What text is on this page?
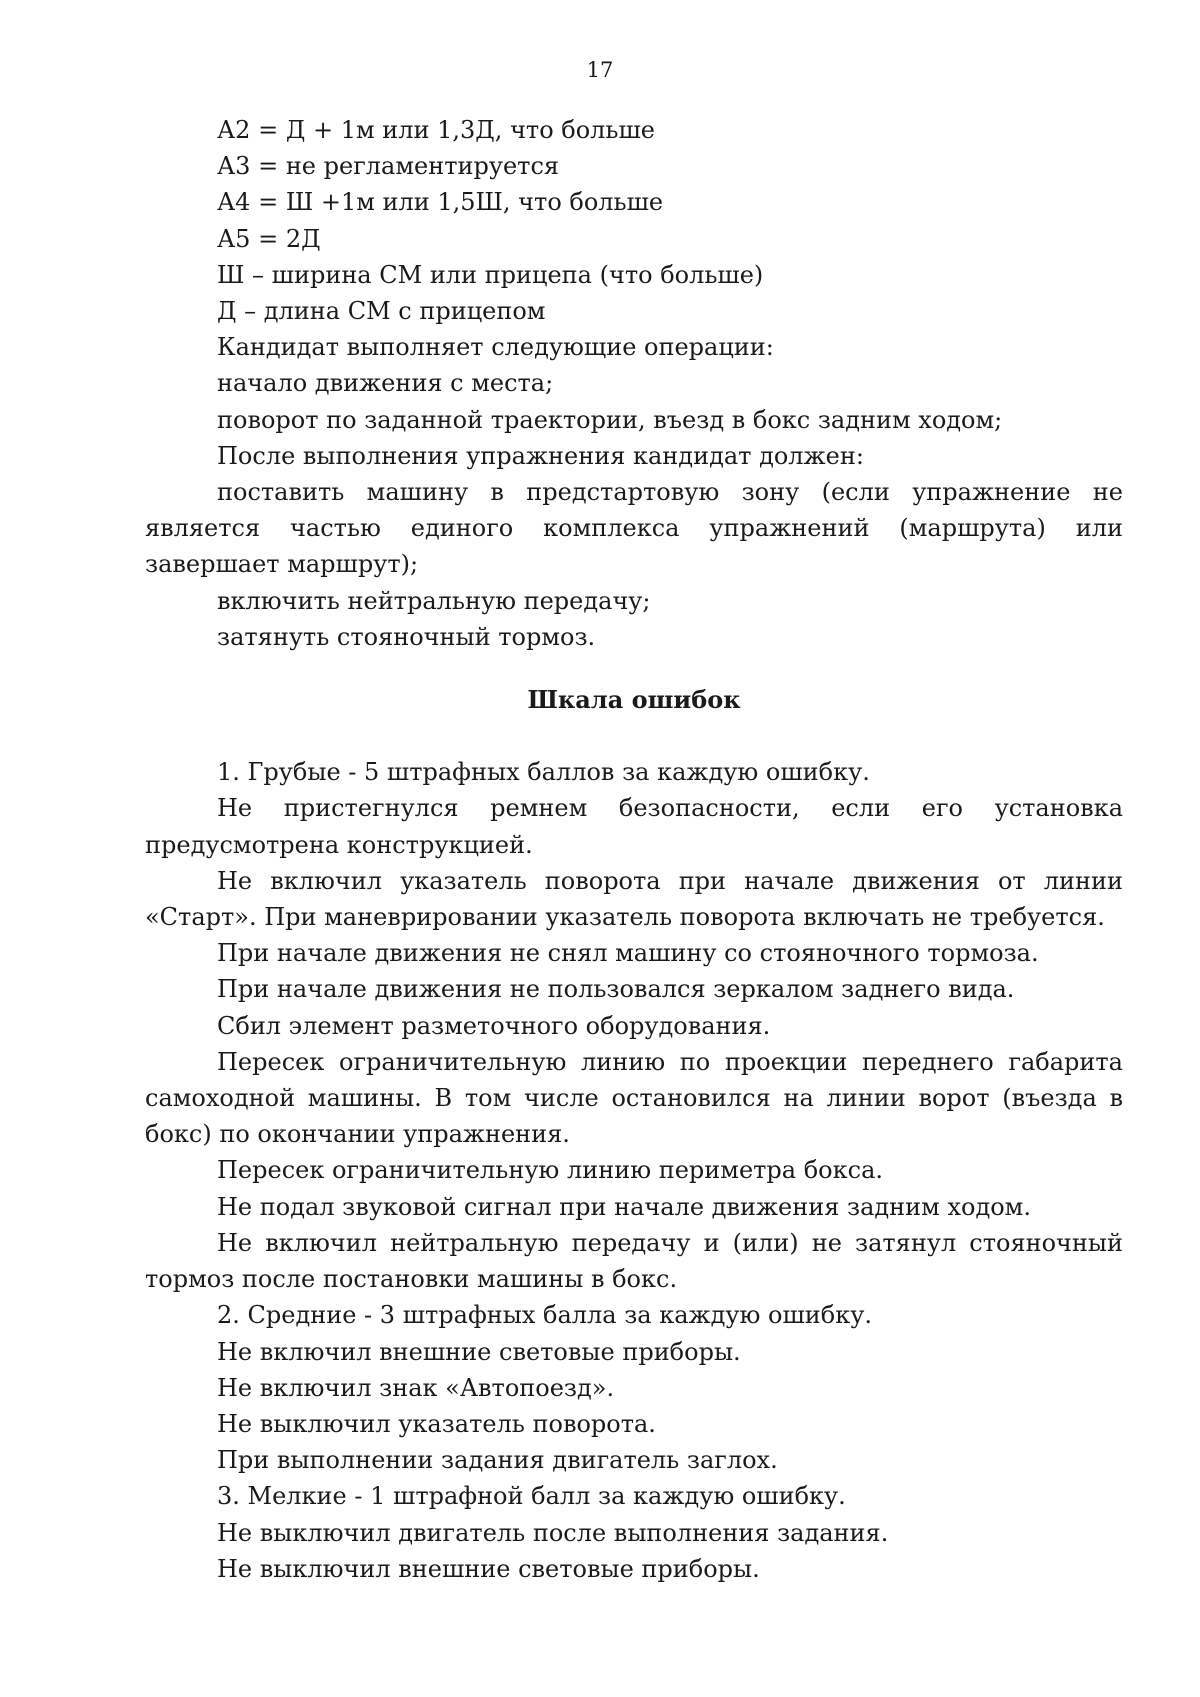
17

А2 = Д + 1м или 1,3Д, что больше

А3 = не регламентируется

А4 = Ш +1м или 1,5Ш, что больше

А5 = 2Д

Ш – ширина СМ или прицепа (что больше)

Д – длина СМ с прицепом

Кандидат выполняет следующие операции:

начало движения с места;

поворот по заданной траектории, въезд в бокс задним ходом;

После выполнения упражнения кандидат должен:

поставить машину в предстартовую зону (если упражнение не является частью единого комплекса упражнений (маршрута) или завершает маршрут);

включить нейтральную передачу;

затянуть стояночный тормоз.

Шкала ошибок

1. Грубые - 5 штрафных баллов за каждую ошибку.

Не пристегнулся ремнем безопасности, если его установка предусмотрена конструкцией.

Не включил указатель поворота при начале движения от линии «Старт». При маневрировании указатель поворота включать не требуется.

При начале движения не снял машину со стояночного тормоза.

При начале движения не пользовался зеркалом заднего вида.

Сбил элемент разметочного оборудования.

Пересек ограничительную линию по проекции переднего габарита самоходной машины. В том числе остановился на линии ворот (въезда в бокс) по окончании упражнения.

Пересек ограничительную линию периметра бокса.

Не подал звуковой сигнал при начале движения задним ходом.

Не включил нейтральную передачу и (или) не затянул стояночный тормоз после постановки машины в бокс.

2. Средние - 3 штрафных балла за каждую ошибку.

Не включил внешние световые приборы.

Не включил знак «Автопоезд».

Не выключил указатель поворота.

При выполнении задания двигатель заглох.

3. Мелкие - 1 штрафной балл за каждую ошибку.

Не выключил двигатель после выполнения задания.

Не выключил внешние световые приборы.
